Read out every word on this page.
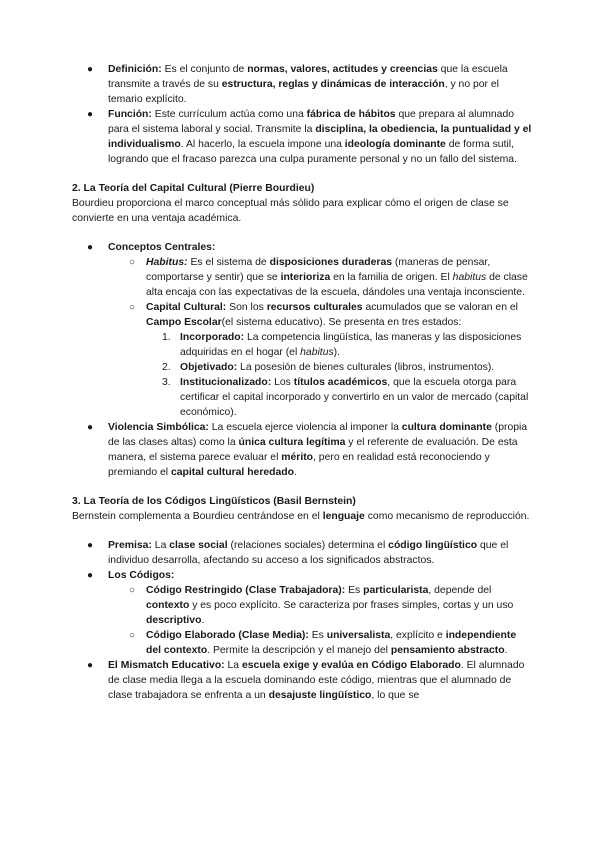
● Definición: Es el conjunto de normas, valores, actitudes y creencias que la escuela transmite a través de su estructura, reglas y dinámicas de interacción, y no por el temario explícito.
● Función: Este currículum actúa como una fábrica de hábitos que prepara al alumnado para el sistema laboral y social. Transmite la disciplina, la obediencia, la puntualidad y el individualismo. Al hacerlo, la escuela impone una ideología dominante de forma sutil, logrando que el fracaso parezca una culpa puramente personal y no un fallo del sistema.

2. La Teoría del Capital Cultural (Pierre Bourdieu)

Bourdieu proporciona el marco conceptual más sólido para explicar cómo el origen de clase se convierte en una ventaja académica.

● Conceptos Centrales:
○ Habitus: Es el sistema de disposiciones duraderas (maneras de pensar, comportarse y sentir) que se interioriza en la familia de origen. El habitus de clase alta encaja con las expectativas de la escuela, dándoles una ventaja inconsciente.
○ Capital Cultural: Son los recursos culturales acumulados que se valoran en el Campo Escolar(el sistema educativo). Se presenta en tres estados:
1. Incorporado: La competencia lingüística, las maneras y las disposiciones adquiridas en el hogar (el habitus).
2. Objetivado: La posesión de bienes culturales (libros, instrumentos).
3. Institucionalizado: Los títulos académicos, que la escuela otorga para certificar el capital incorporado y convertirlo en un valor de mercado (capital económico).
● Violencia Simbólica: La escuela ejerce violencia al imponer la cultura dominante (propia de las clases altas) como la única cultura legítima y el referente de evaluación. De esta manera, el sistema parece evaluar el mérito, pero en realidad está reconociendo y premiando el capital cultural heredado.

3. La Teoría de los Códigos Lingüísticos (Basil Bernstein)

Bernstein complementa a Bourdieu centrándose en el lenguaje como mecanismo de reproducción.

● Premisa: La clase social (relaciones sociales) determina el código lingüístico que el individuo desarrolla, afectando su acceso a los significados abstractos.
● Los Códigos:
○ Código Restringido (Clase Trabajadora): Es particularista, depende del contexto y es poco explícito. Se caracteriza por frases simples, cortas y un uso descriptivo.
○ Código Elaborado (Clase Media): Es universalista, explícito e independiente del contexto. Permite la descripción y el manejo del pensamiento abstracto.
● El Mismatch Educativo: La escuela exige y evalúa en Código Elaborado. El alumnado de clase media llega a la escuela dominando este código, mientras que el alumnado de clase trabajadora se enfrenta a un desajuste lingüístico, lo que se
